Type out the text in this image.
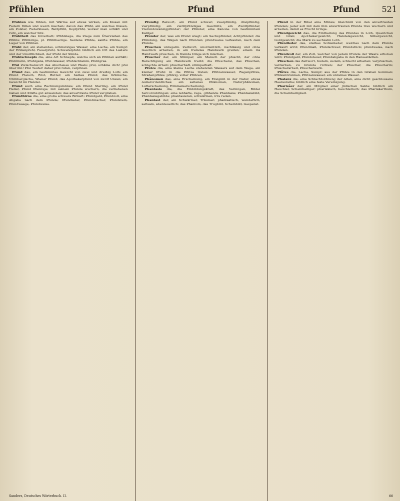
Pfühlen	Pfund	Pfund	521

Pfühlen wie fühlen, mit Wärme auf etwas wirken, ein Kissen mit Federn füllen und weich machen; davon das Pfühl, ein weiches Kissen, ein Polster, Federkissen, Bettpfühl, Kopfpfühl, worauf man schläft und ruht, ein weicher Sitz.

Pfühlbett das Unterbett; Pfühlziege, die Ziege zum Überziehen des Pfühls; Pfühlzüge, pl. Pfühlbezüge. Seidene Pfühle, sanfte Pfühle, ein Lager von Pfühlen.

Pfuhl der, ein stehendes, schmutziges Wasser, eine Lache, ein Sumpf; der Höllenpfuhl, Feuerpfuhl, Schwefelpfuhl; bildlich ein Ort des Lasters und der Unsittlichkeit, der Pfuhl der Sünde.

Pfuhlschnepfe die, eine Art Schnepfe, welche sich an Pfühlen aufhält; Pfuhlhuhn, Pfuhlgans, Pfuhlwasser, Pfuhlschlamm, Pfuhlgras.

Pfui Zwischenwort des Abscheues und Ekels; pfui, schäme dich! pfui über ihn! Pfui Teufel! daher pfui rufen, verpfuien.

Pfund das, ein bestimmtes Gewicht von zwei und dreißig Loth; ein Pfund Fleisch, Brot, Butter; ein halbes Pfund; das Kölnische, Nürnbergische, Wiener Pfund; das Apothekerpfund von zwölf Unzen; ein Gewicht im Handel.

Pfund auch eine Rechnungsmünze; ein Pfund Sterling, ein Pfund Heller, Pfund Pfennige; mit seinem Pfunde wuchern, die verliehenen Gaben und Kräfte gut anwenden; das anvertraute Pfund vergraben.

Pfundbirne die, eine große schwere Birnart; Pfundgeld, Pfundzoll, eine Abgabe nach dem Pfunde; Pfundleder, Pfundmacher, Pfundstein, Pfundwaage, Pfundweise.

Pfündig Beiwort, ein Pfund schwer; zweipfündig, dreipfündig, vierpfündig; ein zwölfpfündiges Geschütz, ein Zwölfpfünder, Vierundzwanzigpfünder; der Pfünder, eine Kanone von bestimmtem Kaliber.

Pfünder der, was ein Pfund wiegt; ein Sechspfünder, Achtpfünder; die Pfündung, das Wägen nach Pfunden; pfundweise verkaufen, nach dem Pfunde.

Pfuschen unregelm. Zeitwort, unordentlich, nachlässig und ohne Geschick arbeiten, in ein fremdes Handwerk greifen; einem ins Handwerk pfuschen, in fremde Dinge sich mischen.

Pfuscher der, ein Stümper, ein Mensch der pfuscht, der ohne Berechtigung ein Handwerk treibt; die Pfuscherei, das Pfuschen, schlechte Arbeit; pfuscherhaft, stümperhaft.

Pfütze die, eine kleine Lache stehenden Wassers auf dem Wege, ein kleiner Pfuhl; in die Pfütze treten; Pfützenwasser, Regenpfütze, Straßenpfütze; pfützig, voller Pfützen.

Phänomen das, eine Erscheinung, ein Ereigniß in der Natur, etwas Außerordentliches; ein seltenes Phänomen, Naturphänomen, Lufterscheinung, Himmelserscheinung.

Phantasie die, die Einbildungskraft, das Vermögen, Bilder hervorzubringen; eine lebhafte, rege, glühende Phantasie; Phantasiebild, Phantasiegebilde; phantasieren, schwärmen, irre reden.

Phantast der, ein Schwärmer, Träumer; phantastisch, wunderlich, seltsam, abenteuerlich; das Phantom, das Trugbild, Scheinbild, Gespenst.

Pfund in der Bibel eine Münze; Gleichniß von den anvertrauten Pfunden; jeder soll mit dem ihm anvertrauten Pfunde treu wuchern und arbeiten, damit es Frucht bringe.

Pfundgewicht das, die Eintheilung des Pfundes in Loth, Quentchen und Gran; Apothekergewicht, Handelsgewicht, Silbergewicht, Goldgewicht; die Mark zu sechzehn Loth.

Pfundleder das, starkes Sohlenleder, welches nach dem Pfunde verkauft wird; Pfundmaß, Pfundschwer, Pfundstück; pfundweise, nach Pfunden.

Pfundzoll der, ein Zoll, welcher von jedem Pfunde der Waare erhoben wird; Pfundgeld, Pfundsteuer, Pfundabgabe in den Hansestädten.

Pfuschen das Zeitwort, hudeln, sudeln, schlecht arbeiten; verpfuschen, verderben, zu Grunde richten; der Pfuscher, die Pfuscherin; Pfuscherarbeit, Pfuscherwerk.

Pfütze die, Lache, Sumpf; aus der Pfütze in den Graben kommen; Pfützenbrunnen, Pfützenwasser, ein unreines Wasser.

Phalanx die, eine Schlachtordnung der Alten, eine dicht geschlossene Heeresreihe; bildlich eine feste Vereinigung.

Pharisäer der, ein Mitglied einer jüdischen Sekte; bildlich ein Heuchler, Scheinheiliger; pharisäisch, heuchlerisch; das Pharisäerthum, die Scheinheiligkeit.

Sanders, Deutsches Wörterbuch. II.	66
